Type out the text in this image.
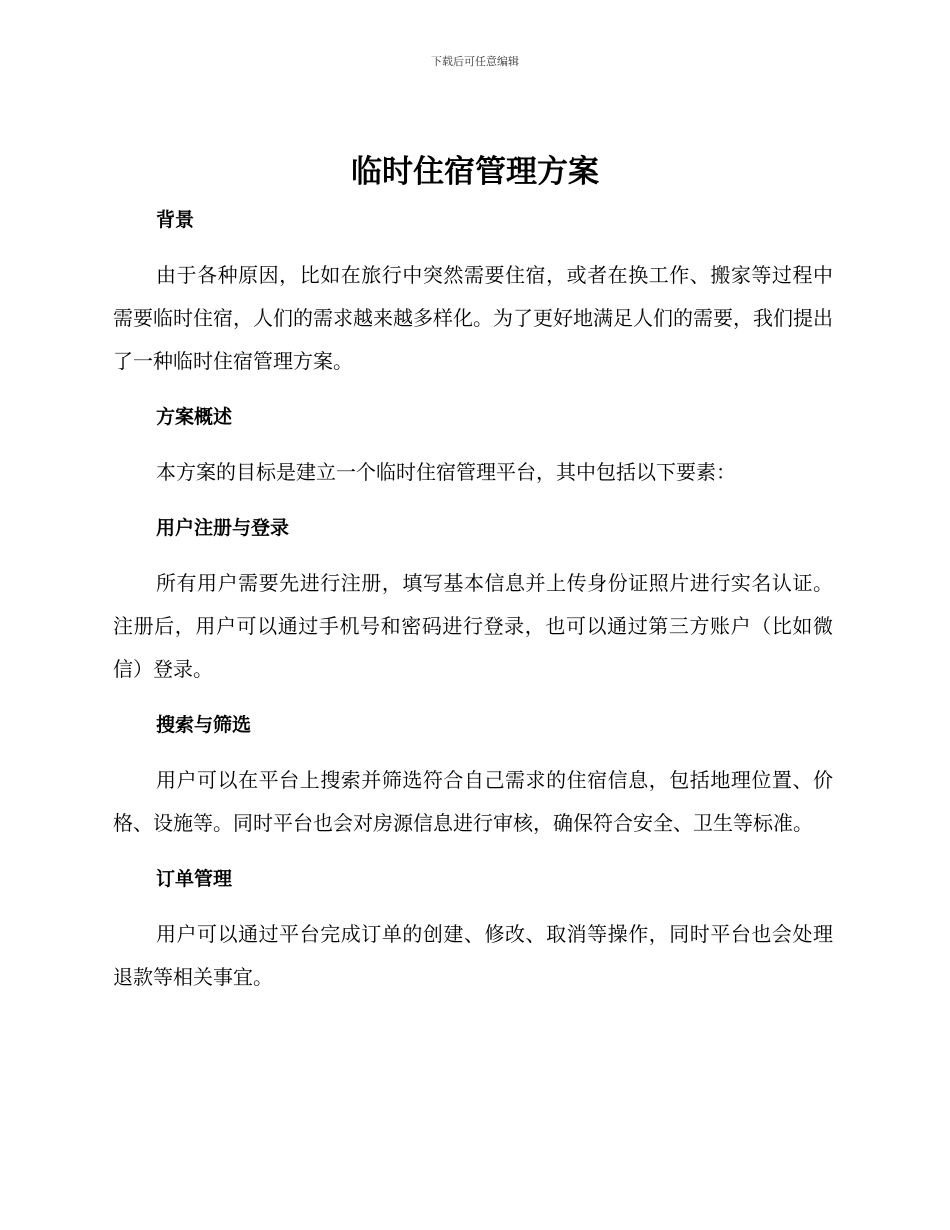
下载后可任意编辑
临时住宿管理方案
背景

由于各种原因，比如在旅行中突然需要住宿，或者在换工作、搬家等过程中需要临时住宿，人们的需求越来越多样化。为了更好地满足人们的需要，我们提出了一种临时住宿管理方案。

方案概述

本方案的目标是建立一个临时住宿管理平台，其中包括以下要素：

用户注册与登录

所有用户需要先进行注册，填写基本信息并上传身份证照片进行实名认证。注册后，用户可以通过手机号和密码进行登录，也可以通过第三方账户（比如微信）登录。

搜索与筛选

用户可以在平台上搜索并筛选符合自己需求的住宿信息，包括地理位置、价格、设施等。同时平台也会对房源信息进行审核，确保符合安全、卫生等标准。

订单管理

用户可以通过平台完成订单的创建、修改、取消等操作，同时平台也会处理退款等相关事宜。
